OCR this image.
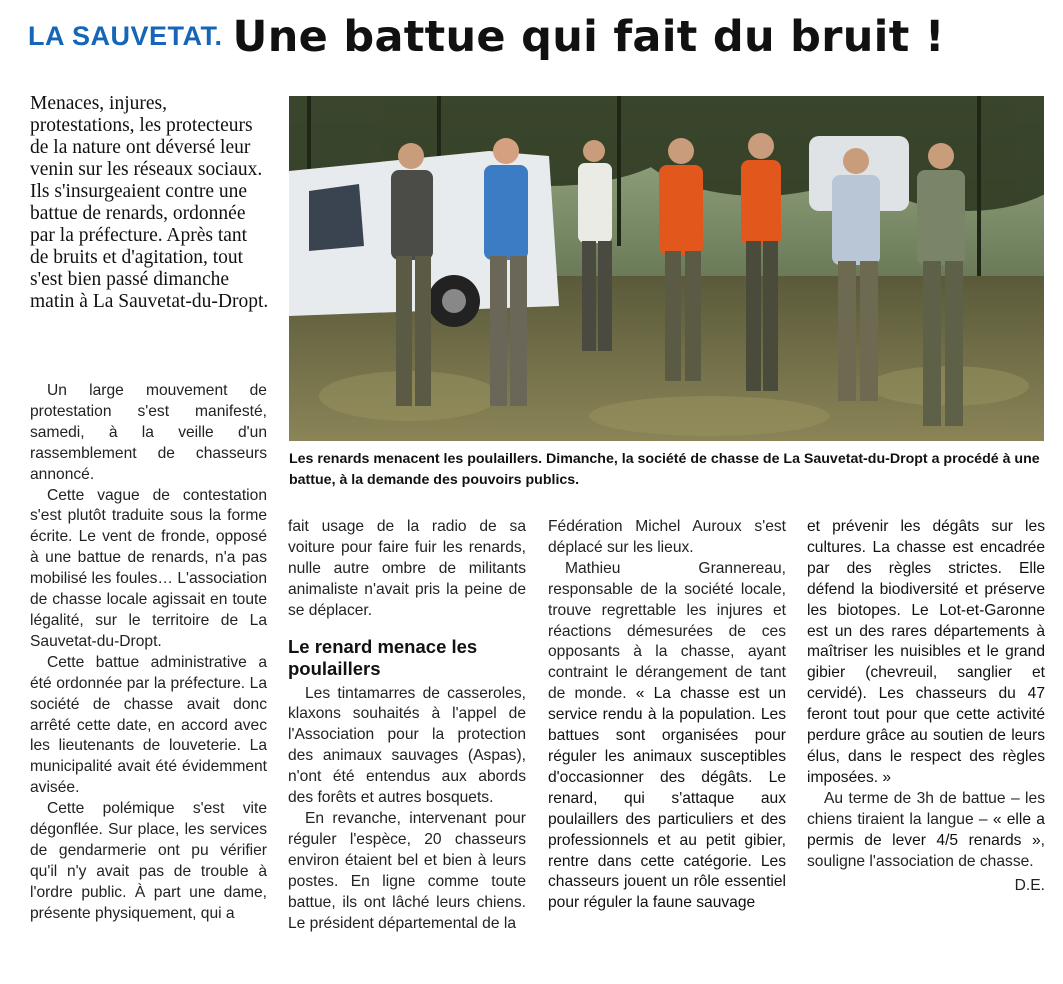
LA SAUVETAT. Une battue qui fait du bruit !
Menaces, injures, protestations, les protecteurs de la nature ont déversé leur venin sur les réseaux sociaux. Ils s'insurgeaient contre une battue de renards, ordonnée par la préfecture. Après tant de bruits et d'agitation, tout s'est bien passé dimanche matin à La Sauvetat-du-Dropt.
Les renards menacent les poulaillers. Dimanche, la société de chasse de La Sauvetat-du-Dropt a procédé à une battue, à la demande des pouvoirs publics.

Un large mouvement de protestation s'est manifesté, samedi, à la veille d'un rassemblement de chasseurs annoncé.

Cette vague de contestation s'est plutôt traduite sous la forme écrite. Le vent de fronde, opposé à une battue de renards, n'a pas mobilisé les foules… L'association de chasse locale agissait en toute légalité, sur le territoire de La Sauvetat-du-Dropt.

Cette battue administrative a été ordonnée par la préfecture. La société de chasse avait donc arrêté cette date, en accord avec les lieutenants de louveterie. La municipalité avait été évidemment avisée.

Cette polémique s'est vite dégonflée. Sur place, les services de gendarmerie ont pu vérifier qu'il n'y avait pas de trouble à l'ordre public. À part une dame, présente physiquement, qui a

fait usage de la radio de sa voiture pour faire fuir les renards, nulle autre ombre de militants animaliste n'avait pris la peine de se déplacer.

Le renard menace les poulaillers

Les tintamarres de casseroles, klaxons souhaités à l'appel de l'Association pour la protection des animaux sauvages (Aspas), n'ont été entendus aux abords des forêts et autres bosquets.

En revanche, intervenant pour réguler l'espèce, 20 chasseurs environ étaient bel et bien à leurs postes. En ligne comme toute battue, ils ont lâché leurs chiens. Le président départemental de la

Fédération Michel Auroux s'est déplacé sur les lieux.

Mathieu Grannereau, responsable de la société locale, trouve regrettable les injures et réactions démesurées de ces opposants à la chasse, ayant contraint le dérangement de tant de monde. « La chasse est un service rendu à la population. Les battues sont organisées pour réguler les animaux susceptibles d'occasionner des dégâts. Le renard, qui s'attaque aux poulaillers des particuliers et des professionnels et au petit gibier, rentre dans cette catégorie. Les chasseurs jouent un rôle essentiel pour réguler la faune sauvage

et prévenir les dégâts sur les cultures. La chasse est encadrée par des règles strictes. Elle défend la biodiversité et préserve les biotopes. Le Lot-et-Garonne est un des rares départements à maîtriser les nuisibles et le grand gibier (chevreuil, sanglier et cervidé). Les chasseurs du 47 feront tout pour que cette activité perdure grâce au soutien de leurs élus, dans le respect des règles imposées. »

Au terme de 3h de battue – les chiens tiraient la langue – « elle a permis de lever 4/5 renards », souligne l'association de chasse.

D.E.
